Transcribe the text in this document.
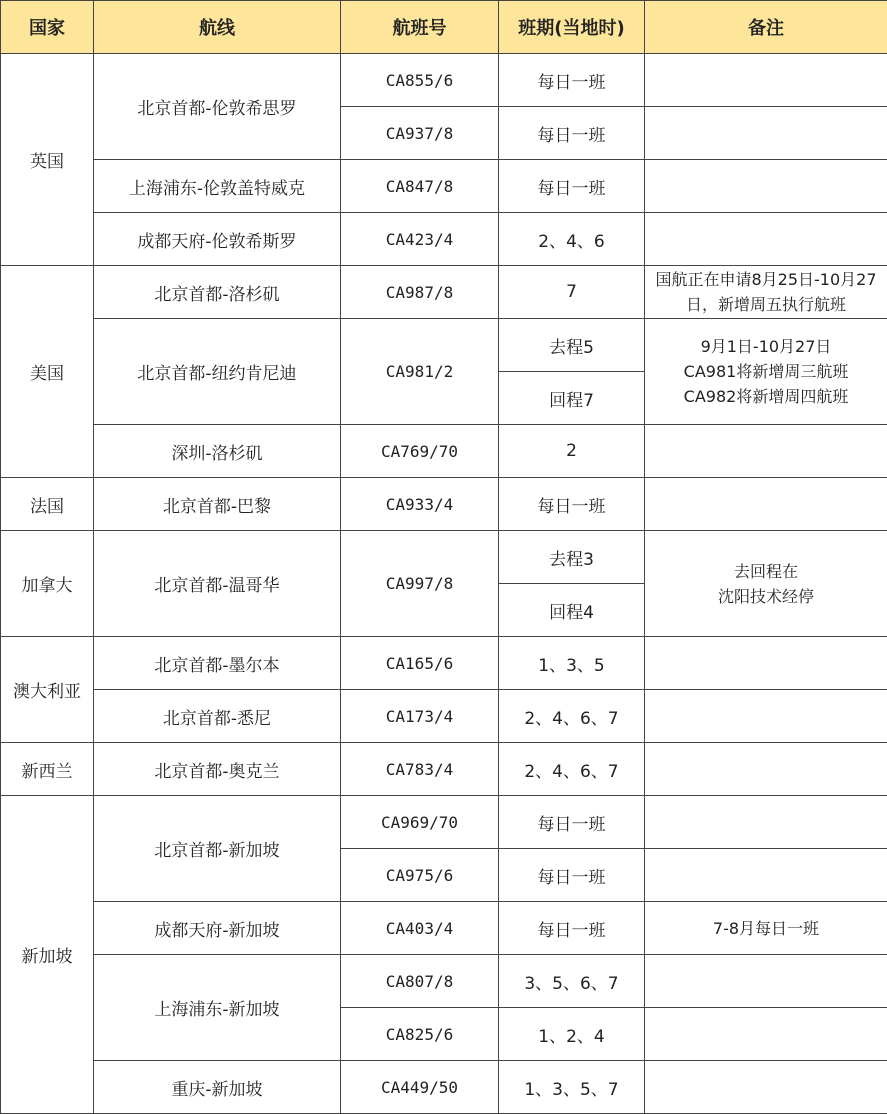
国家	航线	航班号	班期(当地时)	备注
英国	北京首都-伦敦希思罗	CA855/6	每日一班	
		CA937/8	每日一班	
	上海浦东-伦敦盖特威克	CA847/8	每日一班	
	成都天府-伦敦希斯罗	CA423/4	2、4、6	
美国	北京首都-洛杉矶	CA987/8	7	国航正在申请8月25日-10月27日，新增周五执行航班
	北京首都-纽约肯尼迪	CA981/2	去程5	9月1日-10月27日
CA981将新增周三航班
CA982将新增周四航班
			回程7	
	深圳-洛杉矶	CA769/70	2	
法国	北京首都-巴黎	CA933/4	每日一班	
加拿大	北京首都-温哥华	CA997/8	去程3	去回程在
沈阳技术经停
			回程4	
澳大利亚	北京首都-墨尔本	CA165/6	1、3、5	
	北京首都-悉尼	CA173/4	2、4、6、7	
新西兰	北京首都-奥克兰	CA783/4	2、4、6、7	
新加坡	北京首都-新加坡	CA969/70	每日一班	
		CA975/6	每日一班	
	成都天府-新加坡	CA403/4	每日一班	7-8月每日一班
	上海浦东-新加坡	CA807/8	3、5、6、7	
		CA825/6	1、2、4	
	重庆-新加坡	CA449/50	1、3、5、7	
